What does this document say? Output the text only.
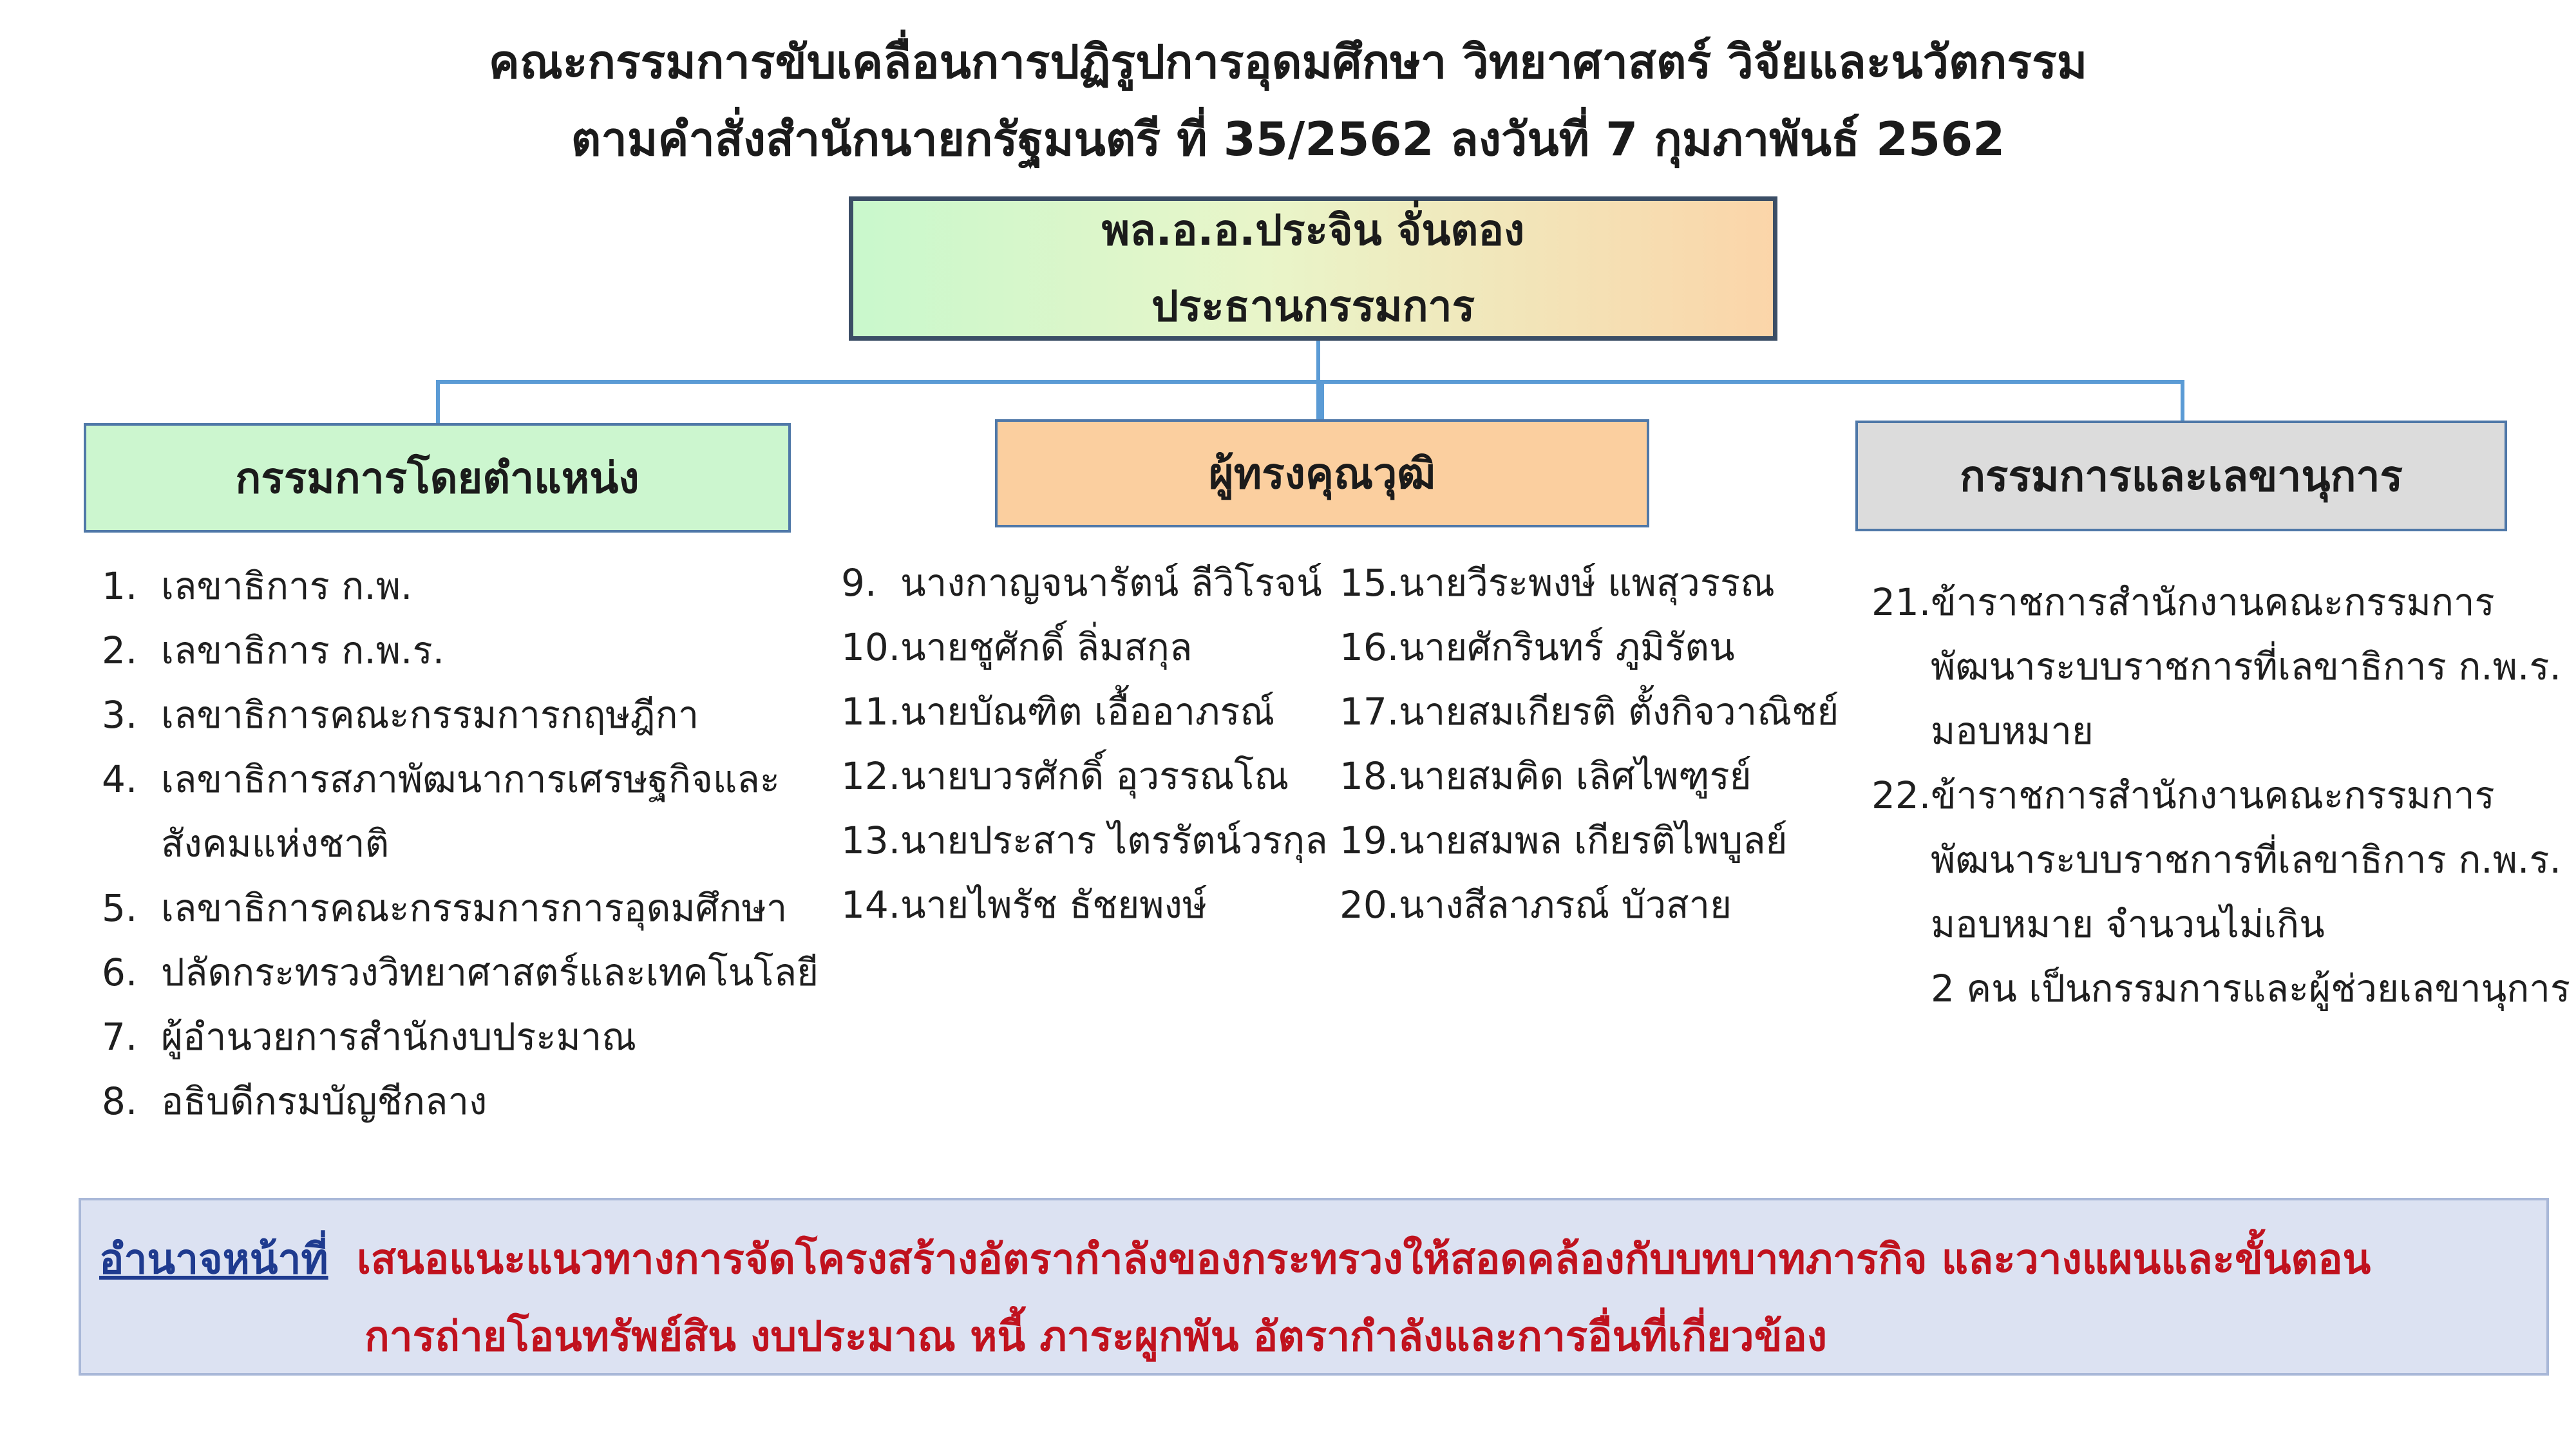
คณะกรรมการขับเคลื่อนการปฏิรูปการอุดมศึกษา วิทยาศาสตร์ วิจัยและนวัตกรรม
ตามคำสั่งสำนักนายกรัฐมนตรี ที่ 35/2562 ลงวันที่ 7 กุมภาพันธ์ 2562
พล.อ.อ.ประจิน จั่นตอง
ประธานกรรมการ
กรรมการโดยตำแหน่ง	ผู้ทรงคุณวุฒิ	กรรมการและเลขานุการ
1. เลขาธิการ ก.พ.
2. เลขาธิการ ก.พ.ร.
3. เลขาธิการคณะกรรมการกฤษฎีกา
4. เลขาธิการสภาพัฒนาการเศรษฐกิจและ
สังคมแห่งชาติ
5. เลขาธิการคณะกรรมการการอุดมศึกษา
6. ปลัดกระทรวงวิทยาศาสตร์และเทคโนโลยี
7. ผู้อำนวยการสำนักงบประมาณ
8. อธิบดีกรมบัญชีกลาง
9. นางกาญจนารัตน์ ลีวิโรจน์
10. นายชูศักดิ์ ลิ่มสกุล
11. นายบัณฑิต เอื้ออาภรณ์
12. นายบวรศักดิ์ อุวรรณโณ
13. นายประสาร ไตรรัตน์วรกุล
14. นายไพรัช ธัชยพงษ์
15. นายวีระพงษ์ แพสุวรรณ
16. นายศักรินทร์ ภูมิรัตน
17. นายสมเกียรติ ตั้งกิจวาณิชย์
18. นายสมคิด เลิศไพฑูรย์
19. นายสมพล เกียรติไพบูลย์
20. นางสีลาภรณ์ บัวสาย
21. ข้าราชการสำนักงานคณะกรรมการ
พัฒนาระบบราชการที่เลขาธิการ ก.พ.ร.
มอบหมาย
22. ข้าราชการสำนักงานคณะกรรมการ
พัฒนาระบบราชการที่เลขาธิการ ก.พ.ร.
มอบหมาย จำนวนไม่เกิน
2 คน เป็นกรรมการและผู้ช่วยเลขานุการ
อำนาจหน้าที่ เสนอแนะแนวทางการจัดโครงสร้างอัตรากำลังของกระทรวงให้สอดคล้องกับบทบาทภารกิจ และวางแผนและขั้นตอน
การถ่ายโอนทรัพย์สิน งบประมาณ หนี้ ภาระผูกพัน อัตรากำลังและการอื่นที่เกี่ยวข้อง
